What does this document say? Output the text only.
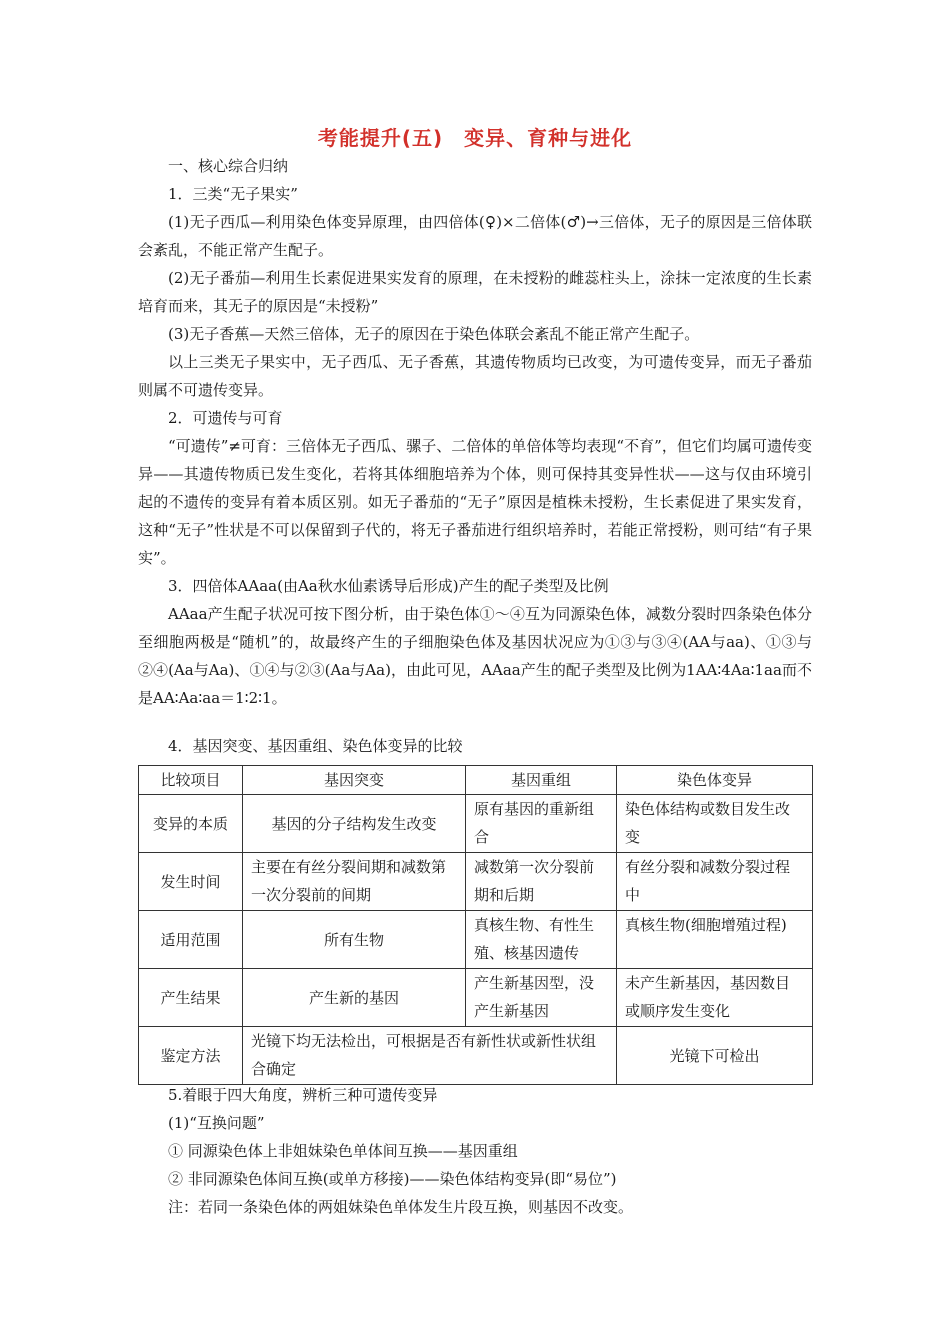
考能提升(五)　变异、育种与进化

一、核心综合归纳

1．三类“无子果实”

(1)无子西瓜—利用染色体变异原理，由四倍体(♀)×二倍体(♂)→三倍体，无子的原因是三倍体联会紊乱，不能正常产生配子。

(2)无子番茄—利用生长素促进果实发育的原理，在未授粉的雌蕊柱头上，涂抹一定浓度的生长素培育而来，其无子的原因是“未授粉”

(3)无子香蕉—天然三倍体，无子的原因在于染色体联会紊乱不能正常产生配子。

以上三类无子果实中，无子西瓜、无子香蕉，其遗传物质均已改变，为可遗传变异，而无子番茄则属不可遗传变异。

2．可遗传与可育

“可遗传”≠可育：三倍体无子西瓜、骡子、二倍体的单倍体等均表现“不育”，但它们均属可遗传变异——其遗传物质已发生变化，若将其体细胞培养为个体，则可保持其变异性状——这与仅由环境引起的不遗传的变异有着本质区别。如无子番茄的“无子”原因是植株未授粉，生长素促进了果实发育，这种“无子”性状是不可以保留到子代的，将无子番茄进行组织培养时，若能正常授粉，则可结“有子果实”。

3．四倍体AAaa(由Aa秋水仙素诱导后形成)产生的配子类型及比例

AAaa产生配子状况可按下图分析，由于染色体①～④互为同源染色体，减数分裂时四条染色体分至细胞两极是“随机”的，故最终产生的子细胞染色体及基因状况应为①③与③④(AA与aa)、①③与②④(Aa与Aa)、①④与②③(Aa与Aa)，由此可见，AAaa产生的配子类型及比例为1AA∶4Aa∶1aa而不是AA∶Aa∶aa＝1∶2∶1。

4．基因突变、基因重组、染色体变异的比较

比较项目	基因突变	基因重组	染色体变异
变异的本质	基因的分子结构发生改变	原有基因的重新组合	染色体结构或数目发生改变
发生时间	主要在有丝分裂间期和减数第一次分裂前的间期	减数第一次分裂前期和后期	有丝分裂和减数分裂过程中
适用范围	所有生物	真核生物、有性生殖、核基因遗传	真核生物(细胞增殖过程)
产生结果	产生新的基因	产生新基因型，没产生新基因	未产生新基因，基因数目或顺序发生变化
鉴定方法	光镜下均无法检出，可根据是否有新性状或新性状组合确定		光镜下可检出

5.着眼于四大角度，辨析三种可遗传变异

(1)“互换问题”

① 同源染色体上非姐妹染色单体间互换——基因重组

② 非同源染色体间互换(或单方移接)——染色体结构变异(即“易位”)

注：若同一条染色体的两姐妹染色单体发生片段互换，则基因不改变。
